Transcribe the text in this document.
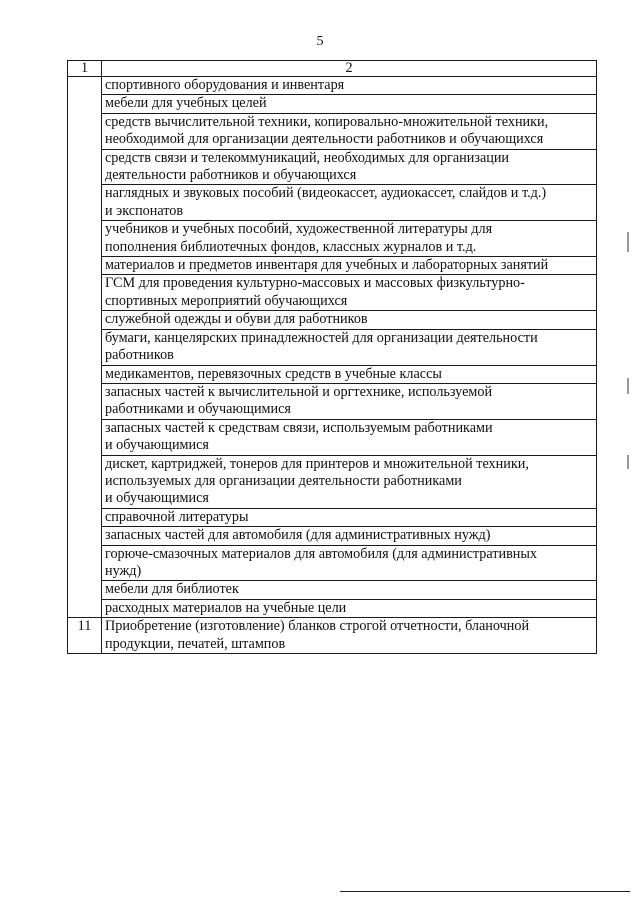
5
1	2

	спортивного оборудования и инвентаря

	мебели для учебных целей

	средств вычислительной техники, копировально-множительной техники,
необходимой для организации деятельности работников и обучающихся

	средств связи и телекоммуникаций, необходимых для организации
деятельности работников и обучающихся

	наглядных и звуковых пособий (видеокассет, аудиокассет, слайдов и т.д.)
и экспонатов

	учебников и учебных пособий, художественной литературы для
пополнения библиотечных фондов, классных журналов и т.д.

	материалов и предметов инвентаря для учебных и лабораторных занятий

	ГСМ для проведения культурно-массовых и массовых физкультурно-
спортивных мероприятий обучающихся

	служебной одежды и обуви для работников

	бумаги, канцелярских принадлежностей для организации деятельности
работников

	медикаментов, перевязочных средств в учебные классы

	запасных частей к вычислительной и оргтехнике, используемой
работниками и обучающимися

	запасных частей к средствам связи, используемым работниками
и обучающимися

	дискет, картриджей, тонеров для принтеров и множительной техники,
используемых для организации деятельности работниками
и обучающимися

	справочной литературы

	запасных частей для автомобиля (для административных нужд)

	горюче-смазочных материалов для автомобиля (для административных
нужд)

	мебели для библиотек

	расходных материалов на учебные цели

11	Приобретение (изготовление) бланков строгой отчетности, бланочной
продукции, печатей, штампов
